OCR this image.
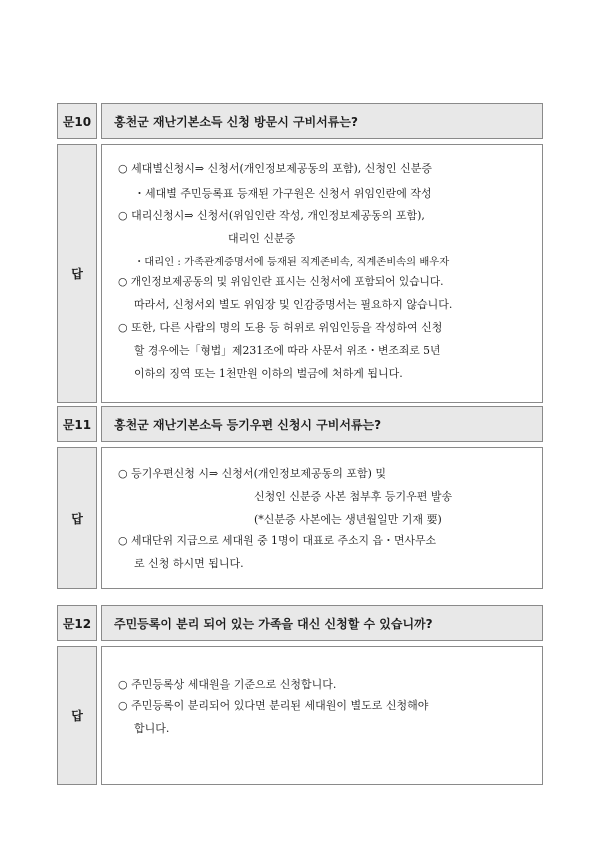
문10	홍천군 재난기본소득 신청 방문시 구비서류는?
답
○ 세대별신청시⇒ 신청서(개인정보제공동의 포함), 신청인 신분증
・세대별 주민등록표 등재된 가구원은 신청서 위임인란에 작성
○ 대리신청시⇒ 신청서(위임인란 작성, 개인정보제공동의 포함),
대리인 신분증
・대리인 : 가족관계증명서에 등재된 직계존비속, 직계존비속의 배우자
○ 개인정보제공동의 및 위임인란 표시는 신청서에 포함되어 있습니다.
따라서, 신청서외 별도 위임장 및 인감증명서는 필요하지 않습니다.
○ 또한, 다른 사람의 명의 도용 등 허위로 위임인등을 작성하여 신청
할 경우에는「형법」제231조에 따라 사문서 위조・변조죄로 5년
이하의 징역 또는 1천만원 이하의 벌금에 처하게 됩니다.
문11	홍천군 재난기본소득 등기우편 신청시 구비서류는?
답
○ 등기우편신청 시⇒ 신청서(개인정보제공동의 포함) 및
신청인 신분증 사본 첨부후 등기우편 발송
(*신분증 사본에는 생년월일만 기재 要)
○ 세대단위 지급으로 세대원 중 1명이 대표로 주소지 읍・면사무소
로 신청 하시면 됩니다.
문12	주민등록이 분리 되어 있는 가족을 대신 신청할 수 있습니까?
답
○ 주민등록상 세대원을 기준으로 신청합니다.
○ 주민등록이 분리되어 있다면 분리된 세대원이 별도로 신청해야
합니다.
